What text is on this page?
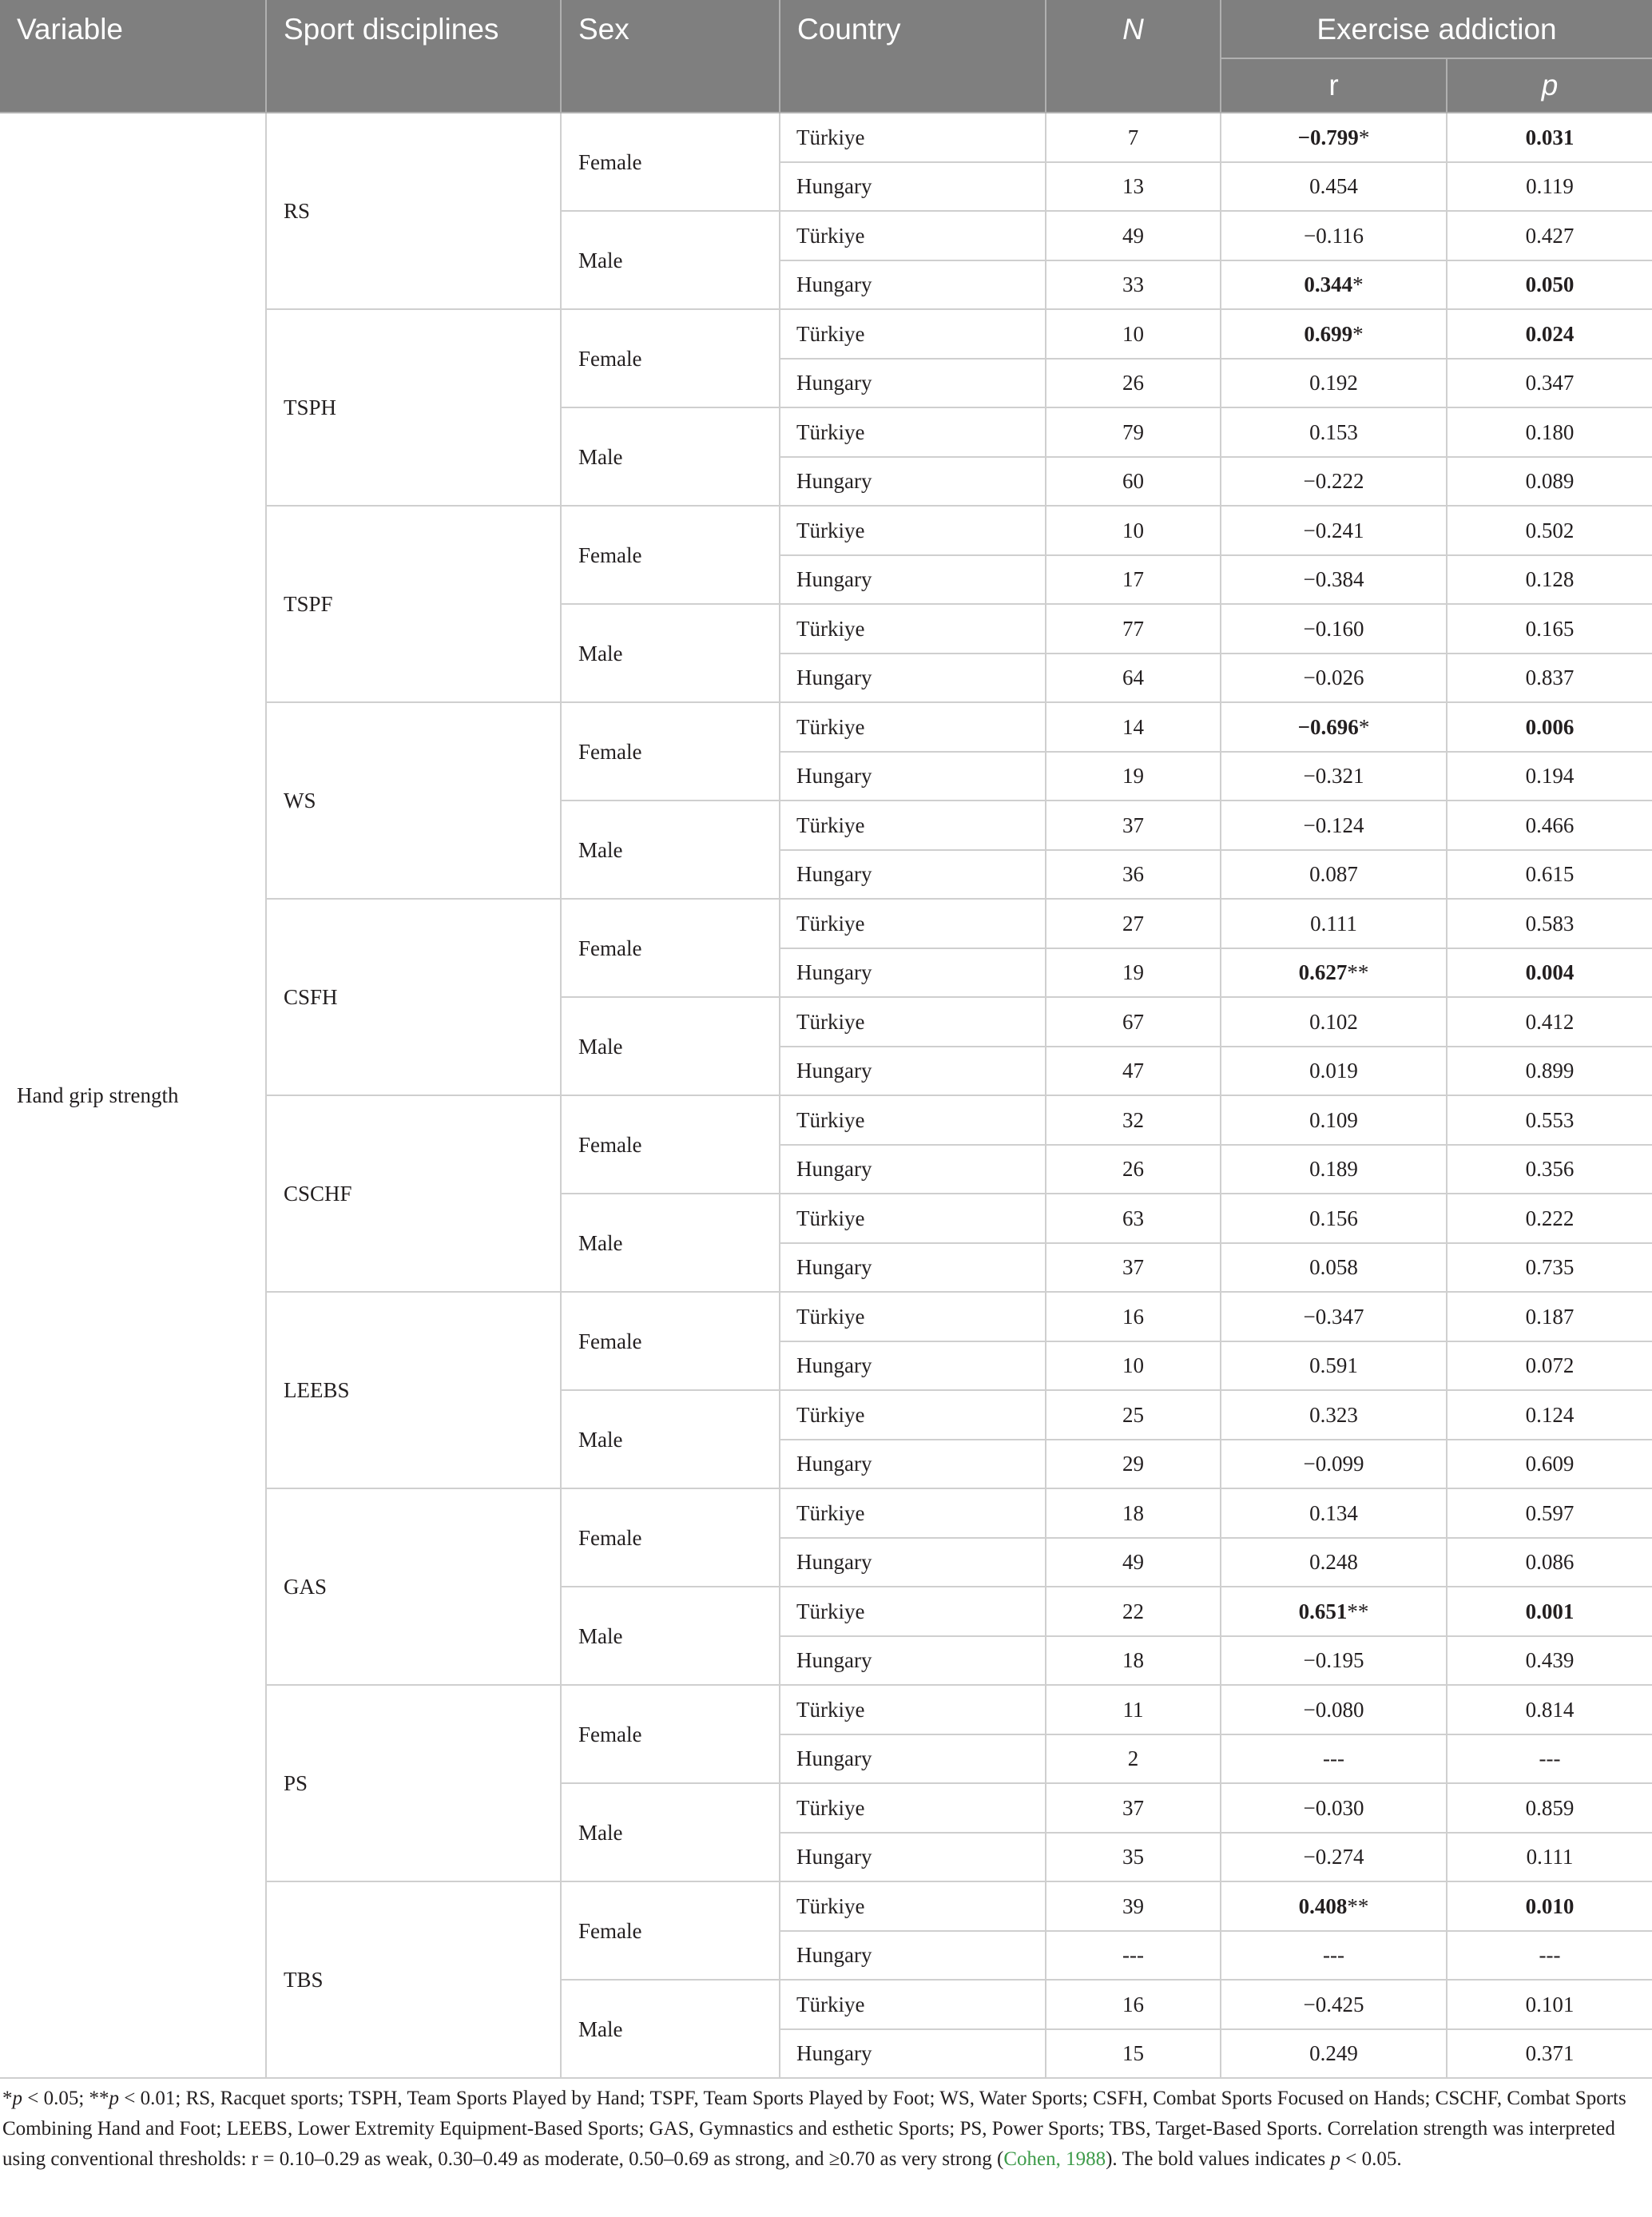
Variable	Sport disciplines	Sex	Country	N	Exercise addiction	
					r	p
Hand grip strength	RS	Female	Türkiye	7	−0.799*	0.031
			Hungary	13	0.454	0.119
		Male	Türkiye	49	−0.116	0.427
			Hungary	33	0.344*	0.050
	TSPH	Female	Türkiye	10	0.699*	0.024
			Hungary	26	0.192	0.347
		Male	Türkiye	79	0.153	0.180
			Hungary	60	−0.222	0.089
	TSPF	Female	Türkiye	10	−0.241	0.502
			Hungary	17	−0.384	0.128
		Male	Türkiye	77	−0.160	0.165
			Hungary	64	−0.026	0.837
	WS	Female	Türkiye	14	−0.696*	0.006
			Hungary	19	−0.321	0.194
		Male	Türkiye	37	−0.124	0.466
			Hungary	36	0.087	0.615
	CSFH	Female	Türkiye	27	0.111	0.583
			Hungary	19	0.627**	0.004
		Male	Türkiye	67	0.102	0.412
			Hungary	47	0.019	0.899
	CSCHF	Female	Türkiye	32	0.109	0.553
			Hungary	26	0.189	0.356
		Male	Türkiye	63	0.156	0.222
			Hungary	37	0.058	0.735
	LEEBS	Female	Türkiye	16	−0.347	0.187
			Hungary	10	0.591	0.072
		Male	Türkiye	25	0.323	0.124
			Hungary	29	−0.099	0.609
	GAS	Female	Türkiye	18	0.134	0.597
			Hungary	49	0.248	0.086
		Male	Türkiye	22	0.651**	0.001
			Hungary	18	−0.195	0.439
	PS	Female	Türkiye	11	−0.080	0.814
			Hungary	2	---	---
		Male	Türkiye	37	−0.030	0.859
			Hungary	35	−0.274	0.111
	TBS	Female	Türkiye	39	0.408**	0.010
			Hungary	---	---	---
		Male	Türkiye	16	−0.425	0.101
			Hungary	15	0.249	0.371

*p < 0.05; **p < 0.01; RS, Racquet sports; TSPH, Team Sports Played by Hand; TSPF, Team Sports Played by Foot; WS, Water Sports; CSFH, Combat Sports Focused on Hands; CSCHF, Combat Sports Combining Hand and Foot; LEEBS, Lower Extremity Equipment-Based Sports; GAS, Gymnastics and esthetic Sports; PS, Power Sports; TBS, Target-Based Sports. Correlation strength was interpreted using conventional thresholds: r = 0.10–0.29 as weak, 0.30–0.49 as moderate, 0.50–0.69 as strong, and ≥0.70 as very strong (Cohen, 1988). The bold values indicates p < 0.05.
